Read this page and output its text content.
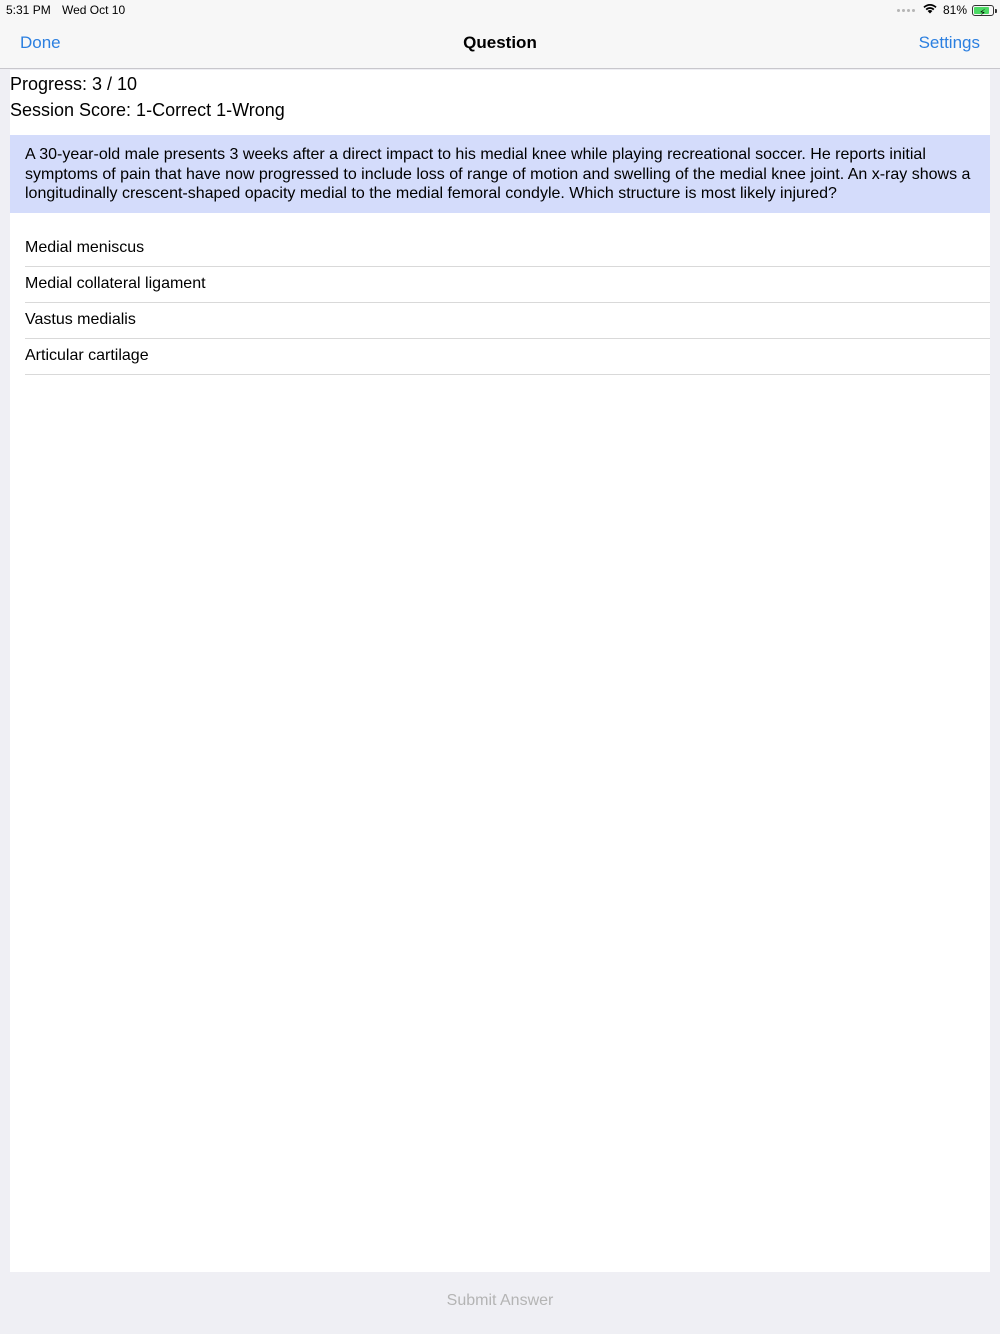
5:31 PM Wed Oct 10	81% ⚡
Done	Question	Settings
Progress: 3 / 10
Session Score: 1-Correct 1-Wrong
A 30-year-old male presents 3 weeks after a direct impact to his medial knee while playing recreational soccer. He reports initial symptoms of pain that have now progressed to include loss of range of motion and swelling of the medial knee joint. An x-ray shows a longitudinally crescent-shaped opacity medial to the medial femoral condyle. Which structure is most likely injured?
Medial meniscus
Medial collateral ligament
Vastus medialis
Articular cartilage
Submit Answer
